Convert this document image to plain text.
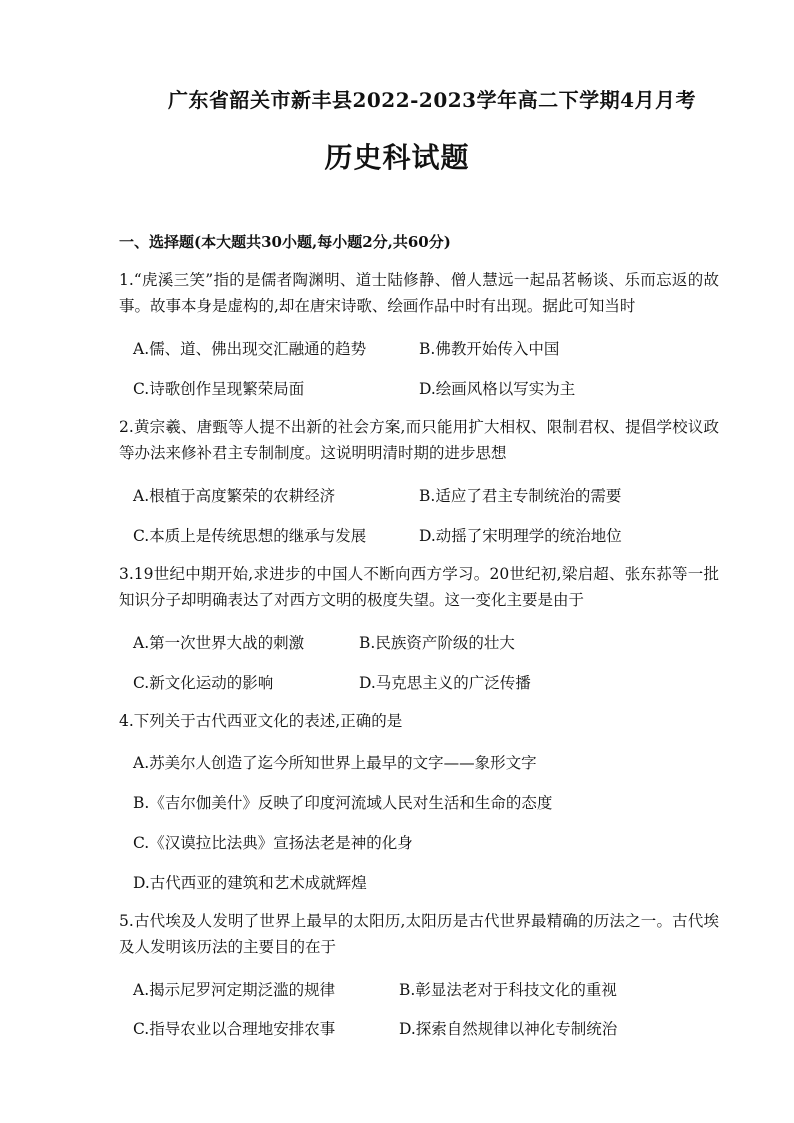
广东省韶关市新丰县2022-2023学年高二下学期4月月考
历史科试题
一、选择题(本大题共30小题,每小题2分,共60分)
1.“虎溪三笑”指的是儒者陶渊明、道士陆修静、僧人慧远一起品茗畅谈、乐而忘返的故事。故事本身是虚构的,却在唐宋诗歌、绘画作品中时有出现。据此可知当时
A.儒、道、佛出现交汇融通的趋势	B.佛教开始传入中国
C.诗歌创作呈现繁荣局面	D.绘画风格以写实为主
2.黄宗羲、唐甄等人提不出新的社会方案,而只能用扩大相权、限制君权、提倡学校议政等办法来修补君主专制制度。这说明明清时期的进步思想
A.根植于高度繁荣的农耕经济	B.适应了君主专制统治的需要
C.本质上是传统思想的继承与发展	D.动摇了宋明理学的统治地位
3.19世纪中期开始,求进步的中国人不断向西方学习。20世纪初,梁启超、张东荪等一批知识分子却明确表达了对西方文明的极度失望。这一变化主要是由于
A.第一次世界大战的刺激	B.民族资产阶级的壮大
C.新文化运动的影响	D.马克思主义的广泛传播
4.下列关于古代西亚文化的表述,正确的是
A.苏美尔人创造了迄今所知世界上最早的文字——象形文字
B.《吉尔伽美什》反映了印度河流域人民对生活和生命的态度
C.《汉谟拉比法典》宣扬法老是神的化身
D.古代西亚的建筑和艺术成就辉煌
5.古代埃及人发明了世界上最早的太阳历,太阳历是古代世界最精确的历法之一。古代埃及人发明该历法的主要目的在于
A.揭示尼罗河定期泛滥的规律	B.彰显法老对于科技文化的重视
C.指导农业以合理地安排农事	D.探索自然规律以神化专制统治
